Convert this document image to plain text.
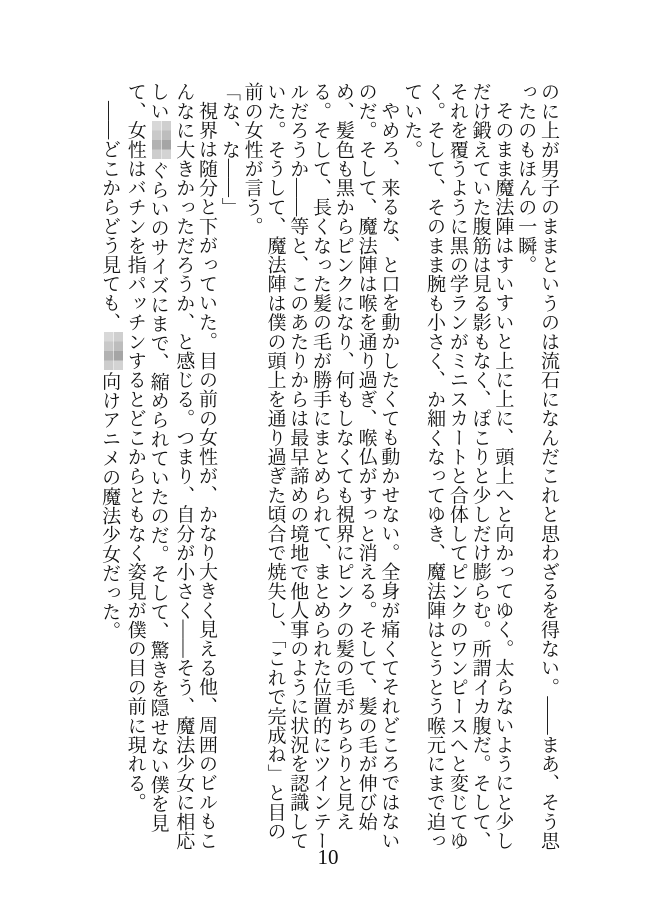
のに上が男子のままというのは流石になんだこれと思わざるを得ない。――まあ、そう思ったのもほんの一瞬。

そのまま魔法陣はすいすいと上に上に、頭上へと向かってゆく。太らないようにと少しだけ鍛えていた腹筋は見る影もなく、ぽこりと少しだけ膨らむ。所謂イカ腹だ。そして、それを覆うように黒の学ランがミニスカートと合体してピンクのワンピースへと変じてゆく。そして、そのまま腕も小さく、か細くなってゆき、魔法陣はとうとう喉元にまで迫っていた。

やめろ、来るな、と口を動かしたくても動かせない。全身が痛くてそれどころではないのだ。そして、魔法陣は喉を通り過ぎ、喉仏がすっと消える。そして、髪の毛が伸び始め、髪色も黒からピンクになり、何もしなくても視界にピンクの髪の毛がちらりと見える。そして、長くなった髪の毛が勝手にまとめられて、まとめられた位置的にツインテールだろうか――等と、このあたりからは最早諦めの境地で他人事のように状況を認識していた。そうして、魔法陣は僕の頭上を通り過ぎた頃合で焼失し、「これで完成ね」と目の前の女性が言う。

「な、な――」

視界は随分と下がっていた。目の前の女性が、かなり大きく見える他、周囲のビルもこんなに大きかっただろうか、と感じる。つまり、自分が小さく――そう、魔法少女に相応しいぐらいのサイズにまで、縮められていたのだ。そして、驚きを隠せない僕を見て、女性はバチンを指パッチンするとどこからともなく姿見が僕の目の前に現れる。

――どこからどう見ても、向けアニメの魔法少女だった。

10
